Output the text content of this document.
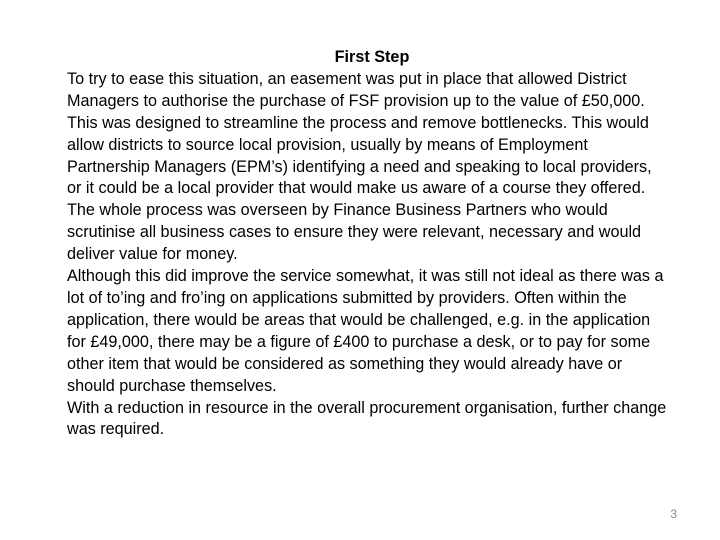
First Step

To try to ease this situation, an easement was put in place that allowed District Managers to authorise the purchase of FSF provision up to the value of £50,000.

This was designed to streamline the process and remove bottlenecks. This would allow districts to source local provision, usually by means of Employment Partnership Managers (EPM’s) identifying a need and speaking to local providers, or it could be a local provider that would make us aware of a course they offered.

The whole process was overseen by Finance Business Partners who would scrutinise all business cases to ensure they were relevant, necessary and would deliver value for money.

Although this did improve the service somewhat, it was still not ideal as there was a lot of to’ing and fro’ing on applications submitted by providers. Often within the application, there would be areas that would be challenged, e.g. in the application for £49,000, there may be a figure of £400 to purchase a desk, or to pay for some other item that would be considered as something they would already have or should purchase themselves.

With a reduction in resource in the overall procurement organisation, further change was required.

3
